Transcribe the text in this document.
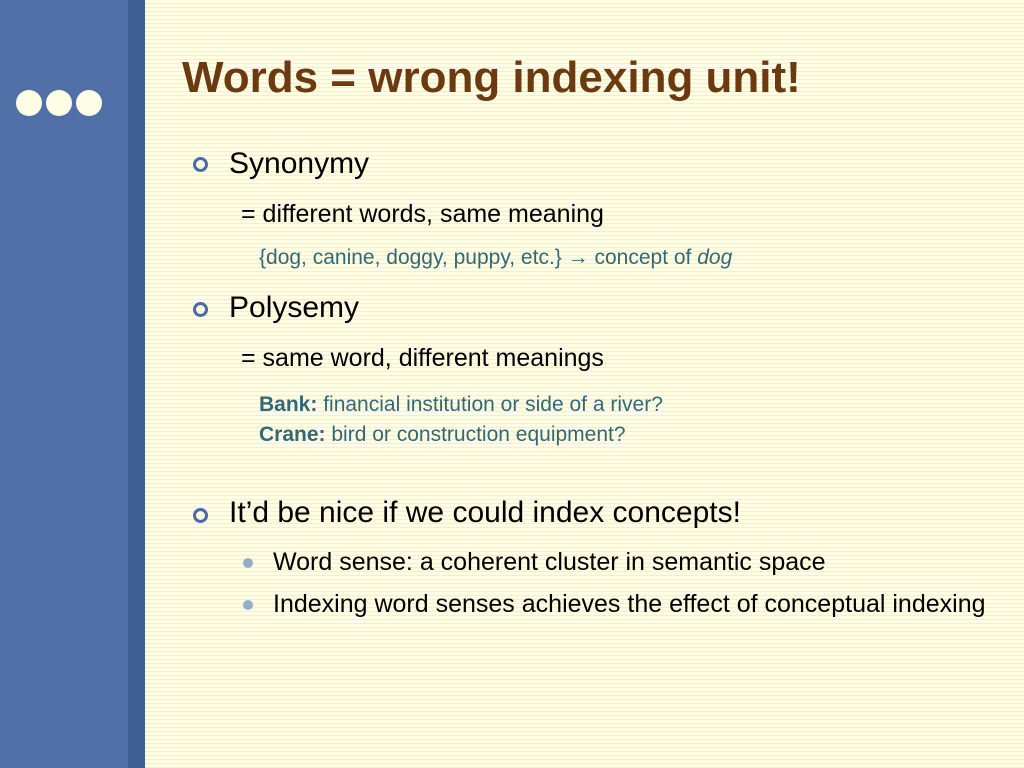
Words = wrong indexing unit!
Synonymy
= different words, same meaning
{dog, canine, doggy, puppy, etc.} → concept of dog
Polysemy
= same word, different meanings
Bank: financial institution or side of a river?
Crane: bird or construction equipment?
It’d be nice if we could index concepts!
Word sense: a coherent cluster in semantic space
Indexing word senses achieves the effect of conceptual indexing
